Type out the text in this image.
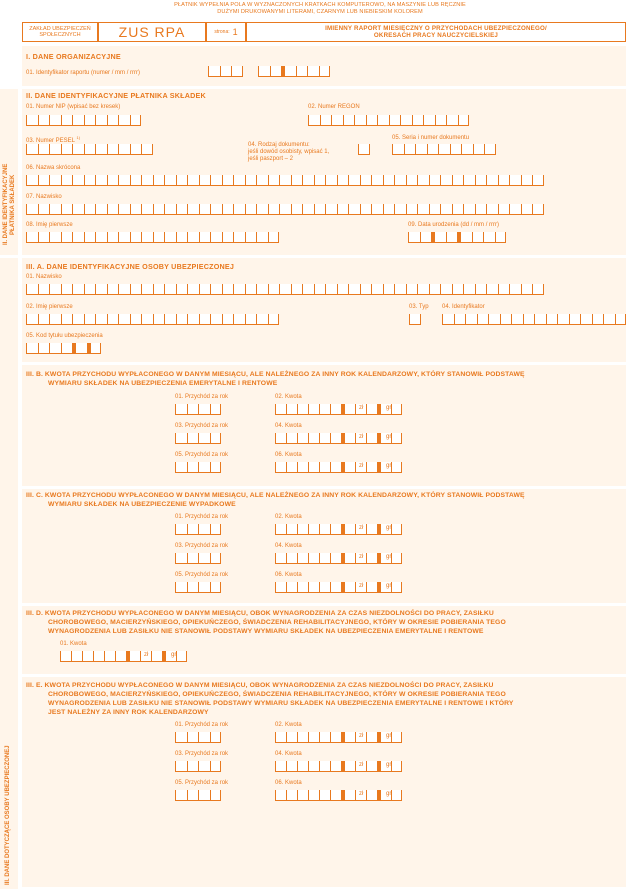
PŁATNIK WYPEŁNIA POLA W WYZNACZONYCH KRATKACH KOMPUTEROWO, NA MASZYNIE LUB RĘCZNIE
DUŻYMI DRUKOWANYMI LITERAMI, CZARNYM LUB NIEBIESKIM KOLOREM
ZAKŁAD UBEZPIECZEŃ
SPOŁECZNYCH	ZUS RPA	strona: 1	IMIENNY RAPORT MIESIĘCZNY O PRZYCHODACH UBEZPIECZONEGO/
OKRESACH PRACY NAUCZYCIELSKIEJ
I. DANE ORGANIZACYJNE
01. Identyfikator raportu (numer / mm / rrrr)
II. DANE IDENTYFIKACYJNE PŁATNIKA SKŁADEK
II. DANE IDENTYFIKACYJNE PŁATNIKA SKŁADEK
01. Numer NIP (wpisać bez kresek)	02. Numer REGON
03. Numer PESEL $^{1)}$
04. Rodzaj dokumentu:
jeśli dowód osobisty, wpisać 1,
jeśli paszport – 2
05. Seria i numer dokumentu
06. Nazwa skrócona
07. Nazwisko
08. Imię pierwsze	09. Data urodzenia (dd / mm / rrrr)
III. DANE DOTYCZĄCE OSOBY UBEZPIECZONEJ
III. A. DANE IDENTYFIKACYJNE OSOBY UBEZPIECZONEJ
01. Nazwisko
02. Imię pierwsze	03. Typ 04. Identyfikator
05. Kod tytułu ubezpieczenia
III. B. KWOTA PRZYCHODU WYPŁACONEGO W DANYM MIESIĄCU, ALE NALEŻNEGO ZA INNY ROK KALENDARZOWY, KTÓRY STANOWIŁ PODSTAWĘ
WYMIARU SKŁADEK NA UBEZPIECZENIA EMERYTALNE I RENTOWE
III. C. KWOTA PRZYCHODU WYPŁACONEGO W DANYM MIESIĄCU, ALE NALEŻNEGO ZA INNY ROK KALENDARZOWY, KTÓRY STANOWIŁ PODSTAWĘ
WYMIARU SKŁADEK NA UBEZPIECZENIE WYPADKOWE
III. D. KWOTA PRZYCHODU WYPŁACONEGO W DANYM MIESIĄCU, OBOK WYNAGRODZENIA ZA CZAS NIEZDOLNOŚCI DO PRACY, ZASIŁKU
CHOROBOWEGO, MACIERZYŃSKIEGO, OPIEKUŃCZEGO, ŚWIADCZENIA REHABILITACYJNEGO, KTÓRY W OKRESIE POBIERANIA TEGO
WYNAGRODZENIA LUB ZASIŁKU NIE STANOWIŁ PODSTAWY WYMIARU SKŁADEK NA UBEZPIECZENIA EMERYTALNE I RENTOWE
01. Kwota
III. E. KWOTA PRZYCHODU WYPŁACONEGO W DANYM MIESIĄCU, OBOK WYNAGRODZENIA ZA CZAS NIEZDOLNOŚCI DO PRACY, ZASIŁKU
CHOROBOWEGO, MACIERZYŃSKIEGO, OPIEKUŃCZEGO, ŚWIADCZENIA REHABILITACYJNEGO, KTÓRY W OKRESIE POBIERANIA TEGO
WYNAGRODZENIA LUB ZASIŁKU NIE STANOWIŁ PODSTAWY WYMIARU SKŁADEK NA UBEZPIECZENIA EMERYTALNE I RENTOWE I KTÓRY
JEST NALEŻNY ZA INNY ROK KALENDARZOWY
01. Przychód za rok	02. Kwota
zł	gr
03. Przychód za rok	04. Kwota
zł	gr
05. Przychód za rok	06. Kwota
zł	gr
01. Przychód za rok	02. Kwota
zł	gr
03. Przychód za rok	04. Kwota
zł	gr
05. Przychód za rok	06. Kwota
zł	gr
zł	gr
01. Przychód za rok	02. Kwota
zł	gr
03. Przychód za rok	04. Kwota
zł	gr
05. Przychód za rok	06. Kwota
zł	gr
